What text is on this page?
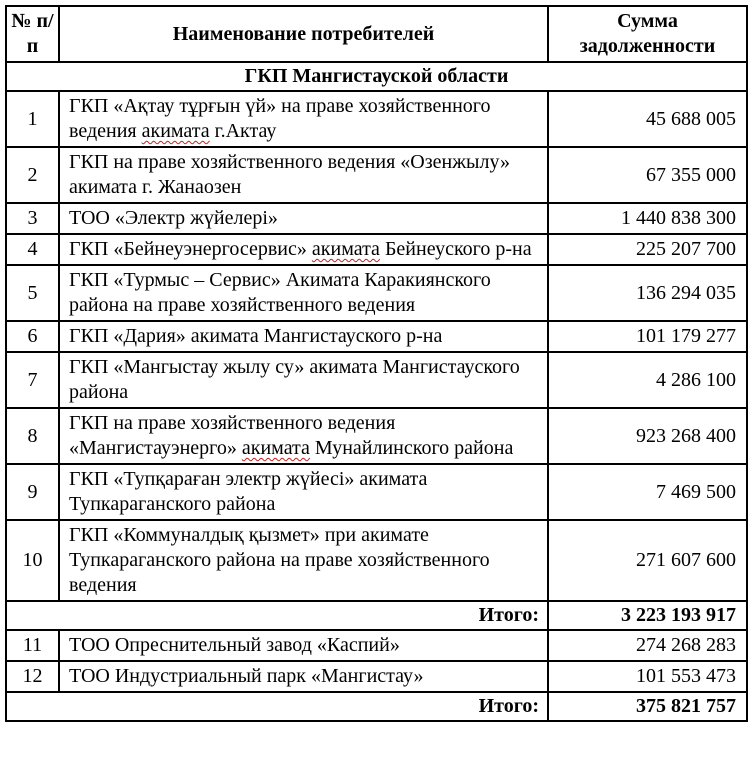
№ п/п	Наименование потребителей	Сумма задолженности
ГКП Мангистауской области		
1	ГКП «Ақтау тұрғын үй» на праве хозяйственного ведения акимата г.Актау	45 688 005
2	ГКП на праве хозяйственного ведения «Озенжылу» акимата г. Жанаозен	67 355 000
3	ТОО «Электр жүйелері»	1 440 838 300
4	ГКП «Бейнеуэнергосервис» акимата Бейнеуского р-на	225 207 700
5	ГКП «Турмыс – Сервис» Акимата Каракиянского района на праве хозяйственного ведения	136 294 035
6	ГКП «Дария» акимата Мангистауского р-на	101 179 277
7	ГКП «Мангыстау жылу су» акимата Мангистауского района	4 286 100
8	ГКП на праве хозяйственного ведения «Мангистауэнерго» акимата Мунайлинского района	923 268 400
9	ГКП «Тупқараған электр жүйесі» акимата Тупкараганского района	7 469 500
10	ГКП «Коммуналдық қызмет» при акимате Тупкараганского района на праве хозяйственного ведения	271 607 600
Итого:		3 223 193 917
11	ТОО Опреснительный завод «Каспий»	274 268 283
12	ТОО Индустриальный парк «Мангистау»	101 553 473
Итого:		375 821 757
